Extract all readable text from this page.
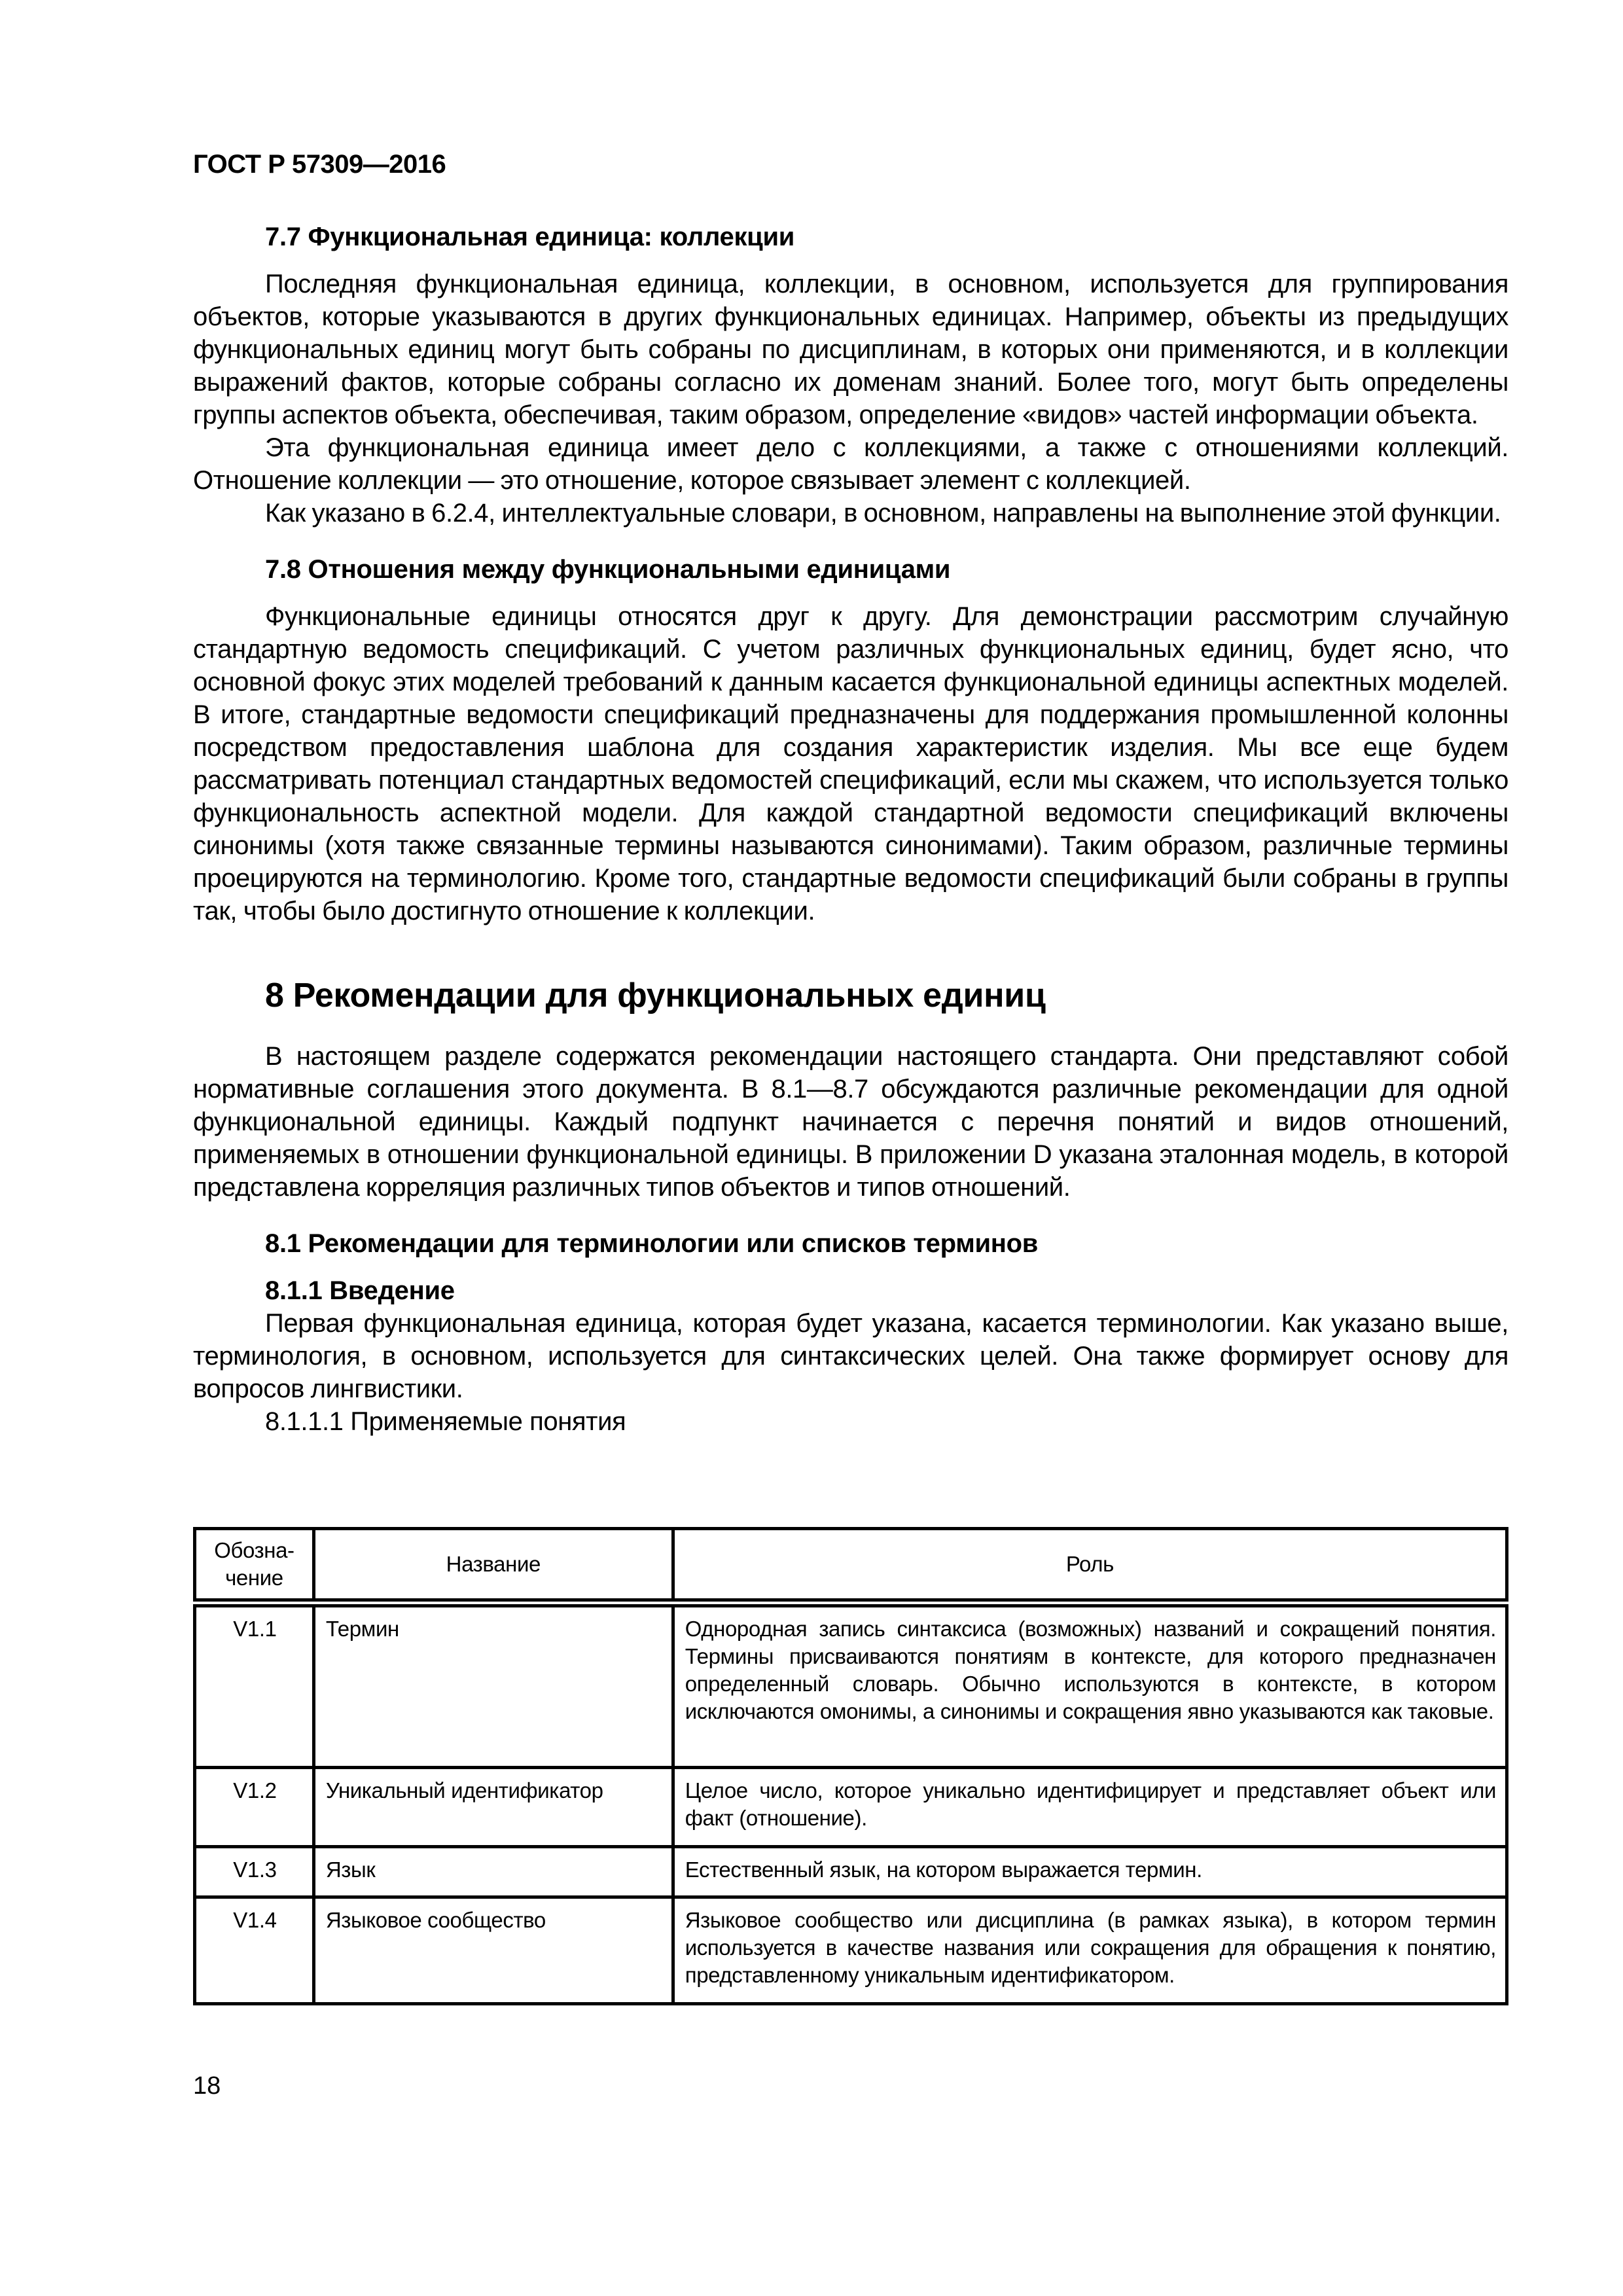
ГОСТ Р 57309—2016
7.7 Функциональная единица: коллекции

Последняя функциональная единица, коллекции, в основном, используется для группирования объектов, которые указываются в других функциональных единицах. Например, объекты из предыдущих функциональных единиц могут быть собраны по дисциплинам, в которых они применяются, и в коллекции выражений фактов, которые собраны согласно их доменам знаний. Более того, могут быть определены группы аспектов объекта, обеспечивая, таким образом, определение «видов» частей информации объекта.

Эта функциональная единица имеет дело с коллекциями, а также с отношениями коллекций. Отношение коллекции — это отношение, которое связывает элемент с коллекцией.

Как указано в 6.2.4, интеллектуальные словари, в основном, направлены на выполнение этой функции.

7.8 Отношения между функциональными единицами

Функциональные единицы относятся друг к другу. Для демонстрации рассмотрим случайную стандартную ведомость спецификаций. С учетом различных функциональных единиц, будет ясно, что основной фокус этих моделей требований к данным касается функциональной единицы аспектных моделей. В итоге, стандартные ведомости спецификаций предназначены для поддержания промышленной колонны посредством предоставления шаблона для создания характеристик изделия. Мы все еще будем рассматривать потенциал стандартных ведомостей спецификаций, если мы скажем, что используется только функциональность аспектной модели. Для каждой стандартной ведомости спецификаций включены синонимы (хотя также связанные термины называются синонимами). Таким образом, различные термины проецируются на терминологию. Кроме того, стандартные ведомости спецификаций были собраны в группы так, чтобы было достигнуто отношение к коллекции.

8 Рекомендации для функциональных единиц

В настоящем разделе содержатся рекомендации настоящего стандарта. Они представляют собой нормативные соглашения этого документа. В 8.1—8.7 обсуждаются различные рекомендации для одной функциональной единицы. Каждый подпункт начинается с перечня понятий и видов отношений, применяемых в отношении функциональной единицы. В приложении D указана эталонная модель, в которой представлена корреляция различных типов объектов и типов отношений.

8.1 Рекомендации для терминологии или списков терминов
8.1.1 Введение

Первая функциональная единица, которая будет указана, касается терминологии. Как указано выше, терминология, в основном, используется для синтаксических целей. Она также формирует основу для вопросов лингвистики.

8.1.1.1 Применяемые понятия

Обозна-чение	Название	Роль
V1.1	Термин	Однородная запись синтаксиса (возможных) названий и сокращений понятия. Термины присваиваются понятиям в контексте, для которого предназначен определенный словарь. Обычно используются в контексте, в котором исключаются омонимы, а синонимы и сокращения явно указываются как таковые.
V1.2	Уникальный идентификатор	Целое число, которое уникально идентифицирует и представляет объект или факт (отношение).
V1.3	Язык	Естественный язык, на котором выражается термин.
V1.4	Языковое сообщество	Языковое сообщество или дисциплина (в рамках языка), в котором термин используется в качестве названия или сокращения для обращения к понятию, представленному уникальным идентификатором.
18
